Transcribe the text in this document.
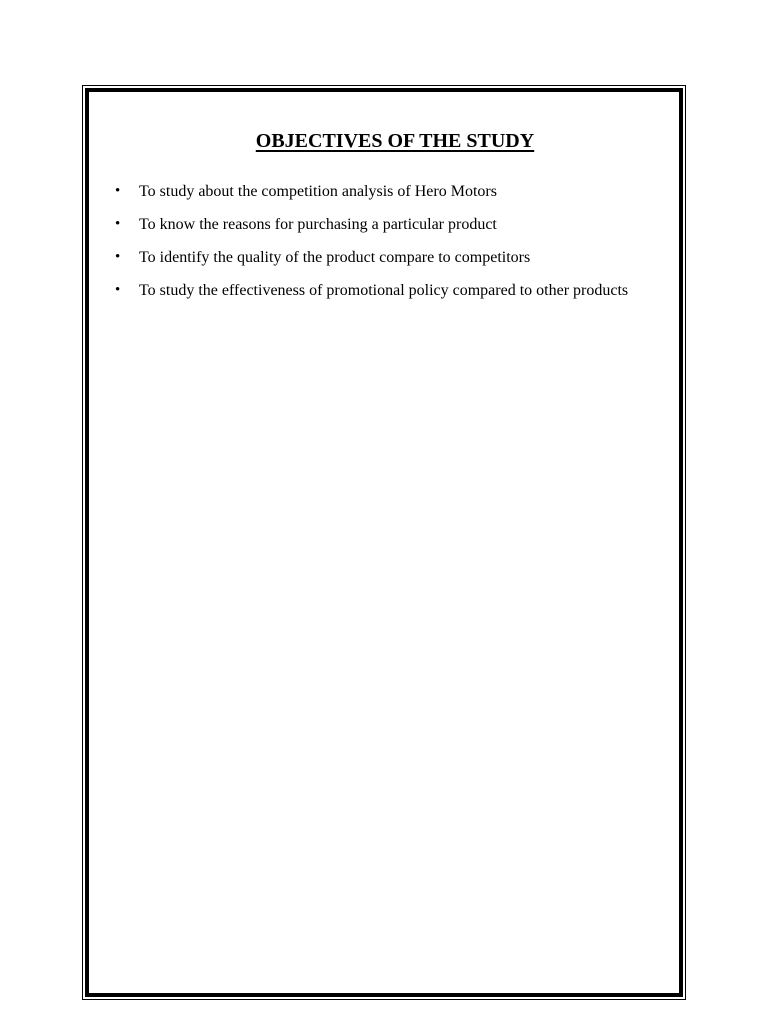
OBJECTIVES OF THE STUDY
•	To study about the competition analysis of Hero Motors
•	To know the reasons for purchasing a particular product
•	To identify the quality of the product compare to competitors
•	To study the effectiveness of promotional policy compared to other products
